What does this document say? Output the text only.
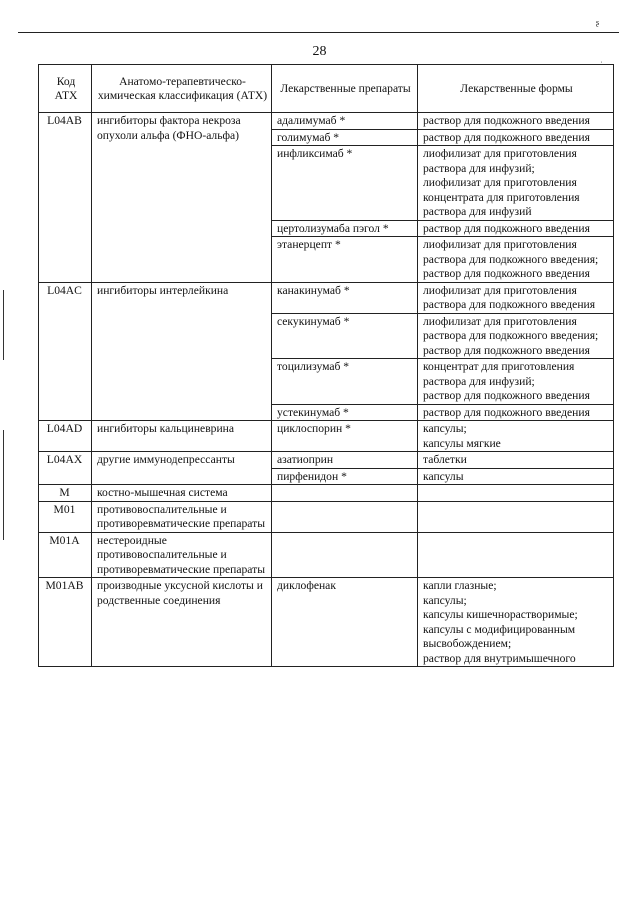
ʂ
˙
28
Код АТХ	Анатомо-терапевтическо-химическая классификация (АТХ)	Лекарственные препараты	Лекарственные формы
L04AB	ингибиторы фактора некроза опухоли альфа (ФНО-альфа)	адалимумаб *	раствор для подкожного введения

		голимумаб *	раствор для подкожного введения

		инфликсимаб *	лиофилизат для приготовления раствора для инфузий;
лиофилизат для приготовления концентрата для приготовления раствора для инфузий

		цертолизумаба пэгол *	раствор для подкожного введения

		этанерцепт *	лиофилизат для приготовления раствора для подкожного введения;
раствор для подкожного введения

L04AC	ингибиторы интерлейкина	канакинумаб *	лиофилизат для приготовления раствора для подкожного введения

		секукинумаб *	лиофилизат для приготовления раствора для подкожного введения;
раствор для подкожного введения

		тоцилизумаб *	концентрат для приготовления раствора для инфузий;
раствор для подкожного введения

		устекинумаб *	раствор для подкожного введения

L04AD	ингибиторы кальциневрина	циклоспорин *	капсулы;
капсулы мягкие

L04AX	другие иммунодепрессанты	азатиоприн	таблетки

		пирфенидон *	капсулы

M	костно-мышечная система		
M01	противовоспалительные и противоревматические препараты		
M01A	нестероидные противовоспалительные и противоревматические препараты		
M01AB	производные уксусной кислоты и родственные соединения	диклофенак	капли глазные;
капсулы;
капсулы кишечнорастворимые;
капсулы с модифицированным высвобождением;
раствор для внутримышечного
